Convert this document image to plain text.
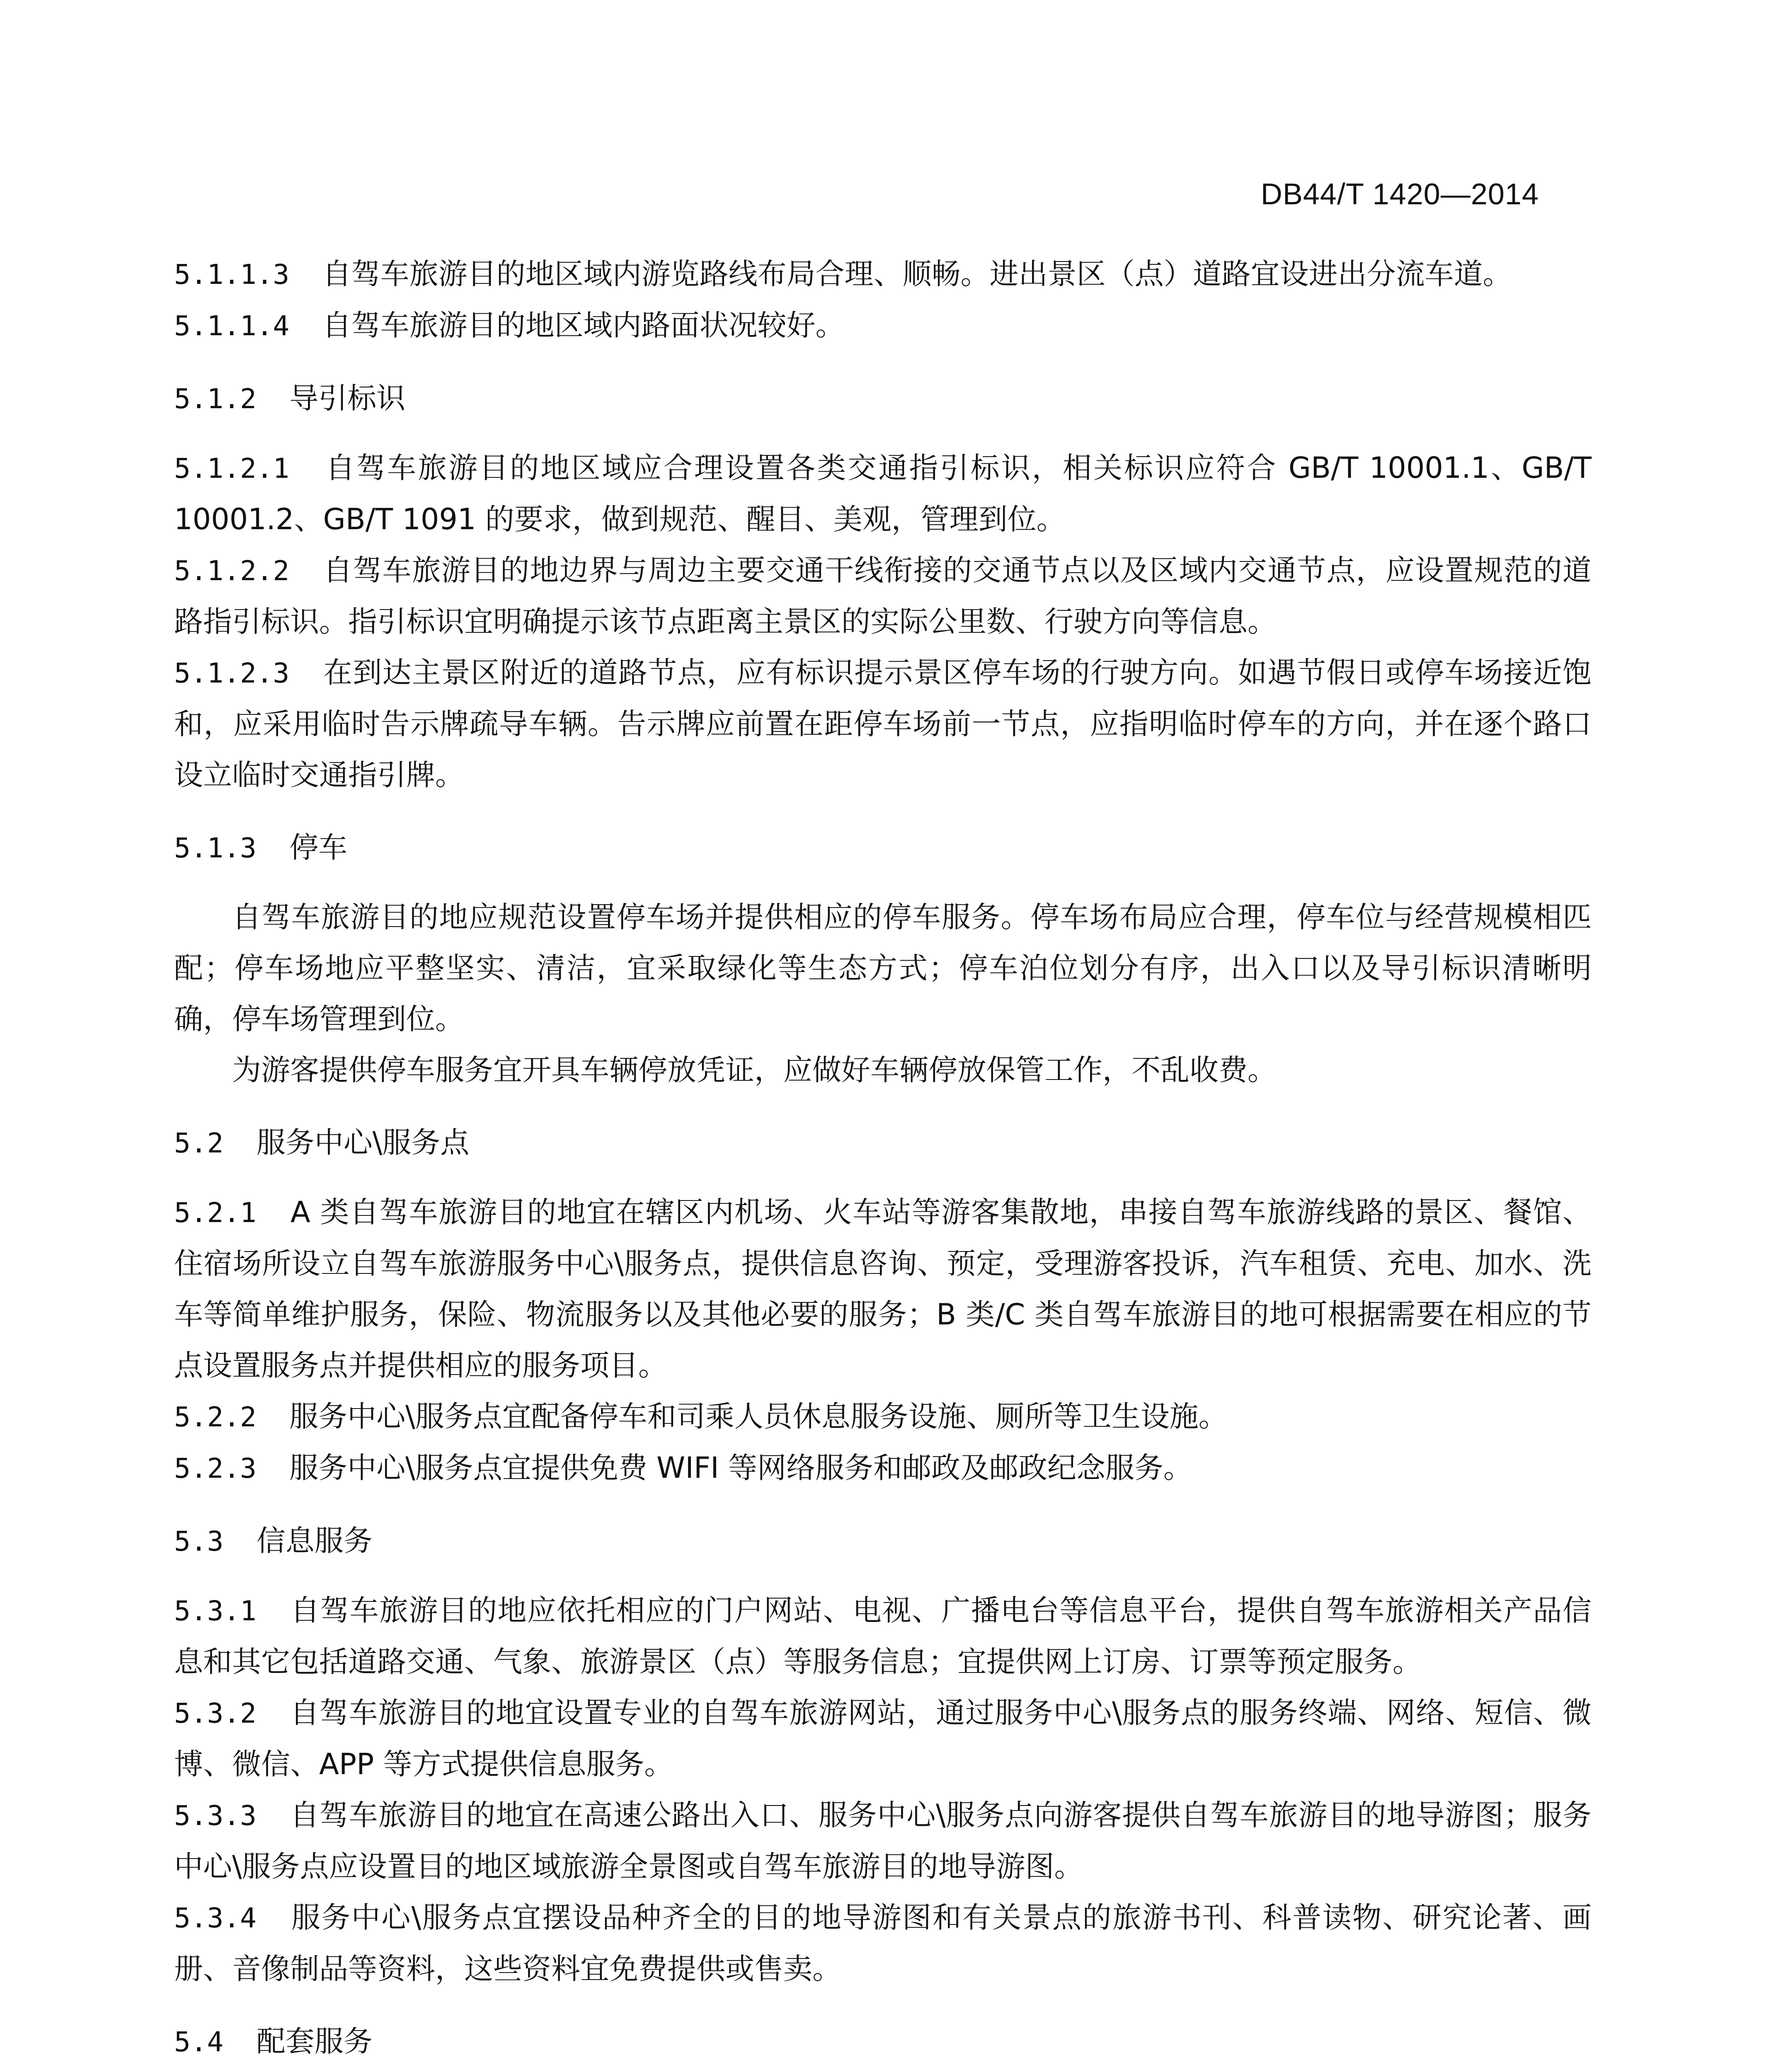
DB44/T 1420—2014

5.1.1.3 自驾车旅游目的地区域内游览路线布局合理、顺畅。进出景区（点）道路宜设进出分流车道。

5.1.1.4 自驾车旅游目的地区域内路面状况较好。

5.1.2 导引标识

5.1.2.1 自驾车旅游目的地区域应合理设置各类交通指引标识，相关标识应符合 GB/T 10001.1、GB/T 10001.2、GB/T 1091 的要求，做到规范、醒目、美观，管理到位。

5.1.2.2 自驾车旅游目的地边界与周边主要交通干线衔接的交通节点以及区域内交通节点，应设置规范的道路指引标识。指引标识宜明确提示该节点距离主景区的实际公里数、行驶方向等信息。

5.1.2.3 在到达主景区附近的道路节点，应有标识提示景区停车场的行驶方向。如遇节假日或停车场接近饱和，应采用临时告示牌疏导车辆。告示牌应前置在距停车场前一节点，应指明临时停车的方向，并在逐个路口设立临时交通指引牌。

5.1.3 停车

自驾车旅游目的地应规范设置停车场并提供相应的停车服务。停车场布局应合理，停车位与经营规模相匹配；停车场地应平整坚实、清洁，宜采取绿化等生态方式；停车泊位划分有序，出入口以及导引标识清晰明确，停车场管理到位。

为游客提供停车服务宜开具车辆停放凭证，应做好车辆停放保管工作，不乱收费。

5.2 服务中心\服务点

5.2.1 A 类自驾车旅游目的地宜在辖区内机场、火车站等游客集散地，串接自驾车旅游线路的景区、餐馆、住宿场所设立自驾车旅游服务中心\服务点，提供信息咨询、预定，受理游客投诉，汽车租赁、充电、加水、洗车等简单维护服务，保险、物流服务以及其他必要的服务；B 类/C 类自驾车旅游目的地可根据需要在相应的节点设置服务点并提供相应的服务项目。

5.2.2 服务中心\服务点宜配备停车和司乘人员休息服务设施、厕所等卫生设施。

5.2.3 服务中心\服务点宜提供免费 WIFI 等网络服务和邮政及邮政纪念服务。

5.3 信息服务

5.3.1 自驾车旅游目的地应依托相应的门户网站、电视、广播电台等信息平台，提供自驾车旅游相关产品信息和其它包括道路交通、气象、旅游景区（点）等服务信息；宜提供网上订房、订票等预定服务。

5.3.2 自驾车旅游目的地宜设置专业的自驾车旅游网站，通过服务中心\服务点的服务终端、网络、短信、微博、微信、APP 等方式提供信息服务。

5.3.3 自驾车旅游目的地宜在高速公路出入口、服务中心\服务点向游客提供自驾车旅游目的地导游图；服务中心\服务点应设置目的地区域旅游全景图或自驾车旅游目的地导游图。

5.3.4 服务中心\服务点宜摆设品种齐全的目的地导游图和有关景点的旅游书刊、科普读物、研究论著、画册、音像制品等资料，这些资料宜免费提供或售卖。

5.4 配套服务
